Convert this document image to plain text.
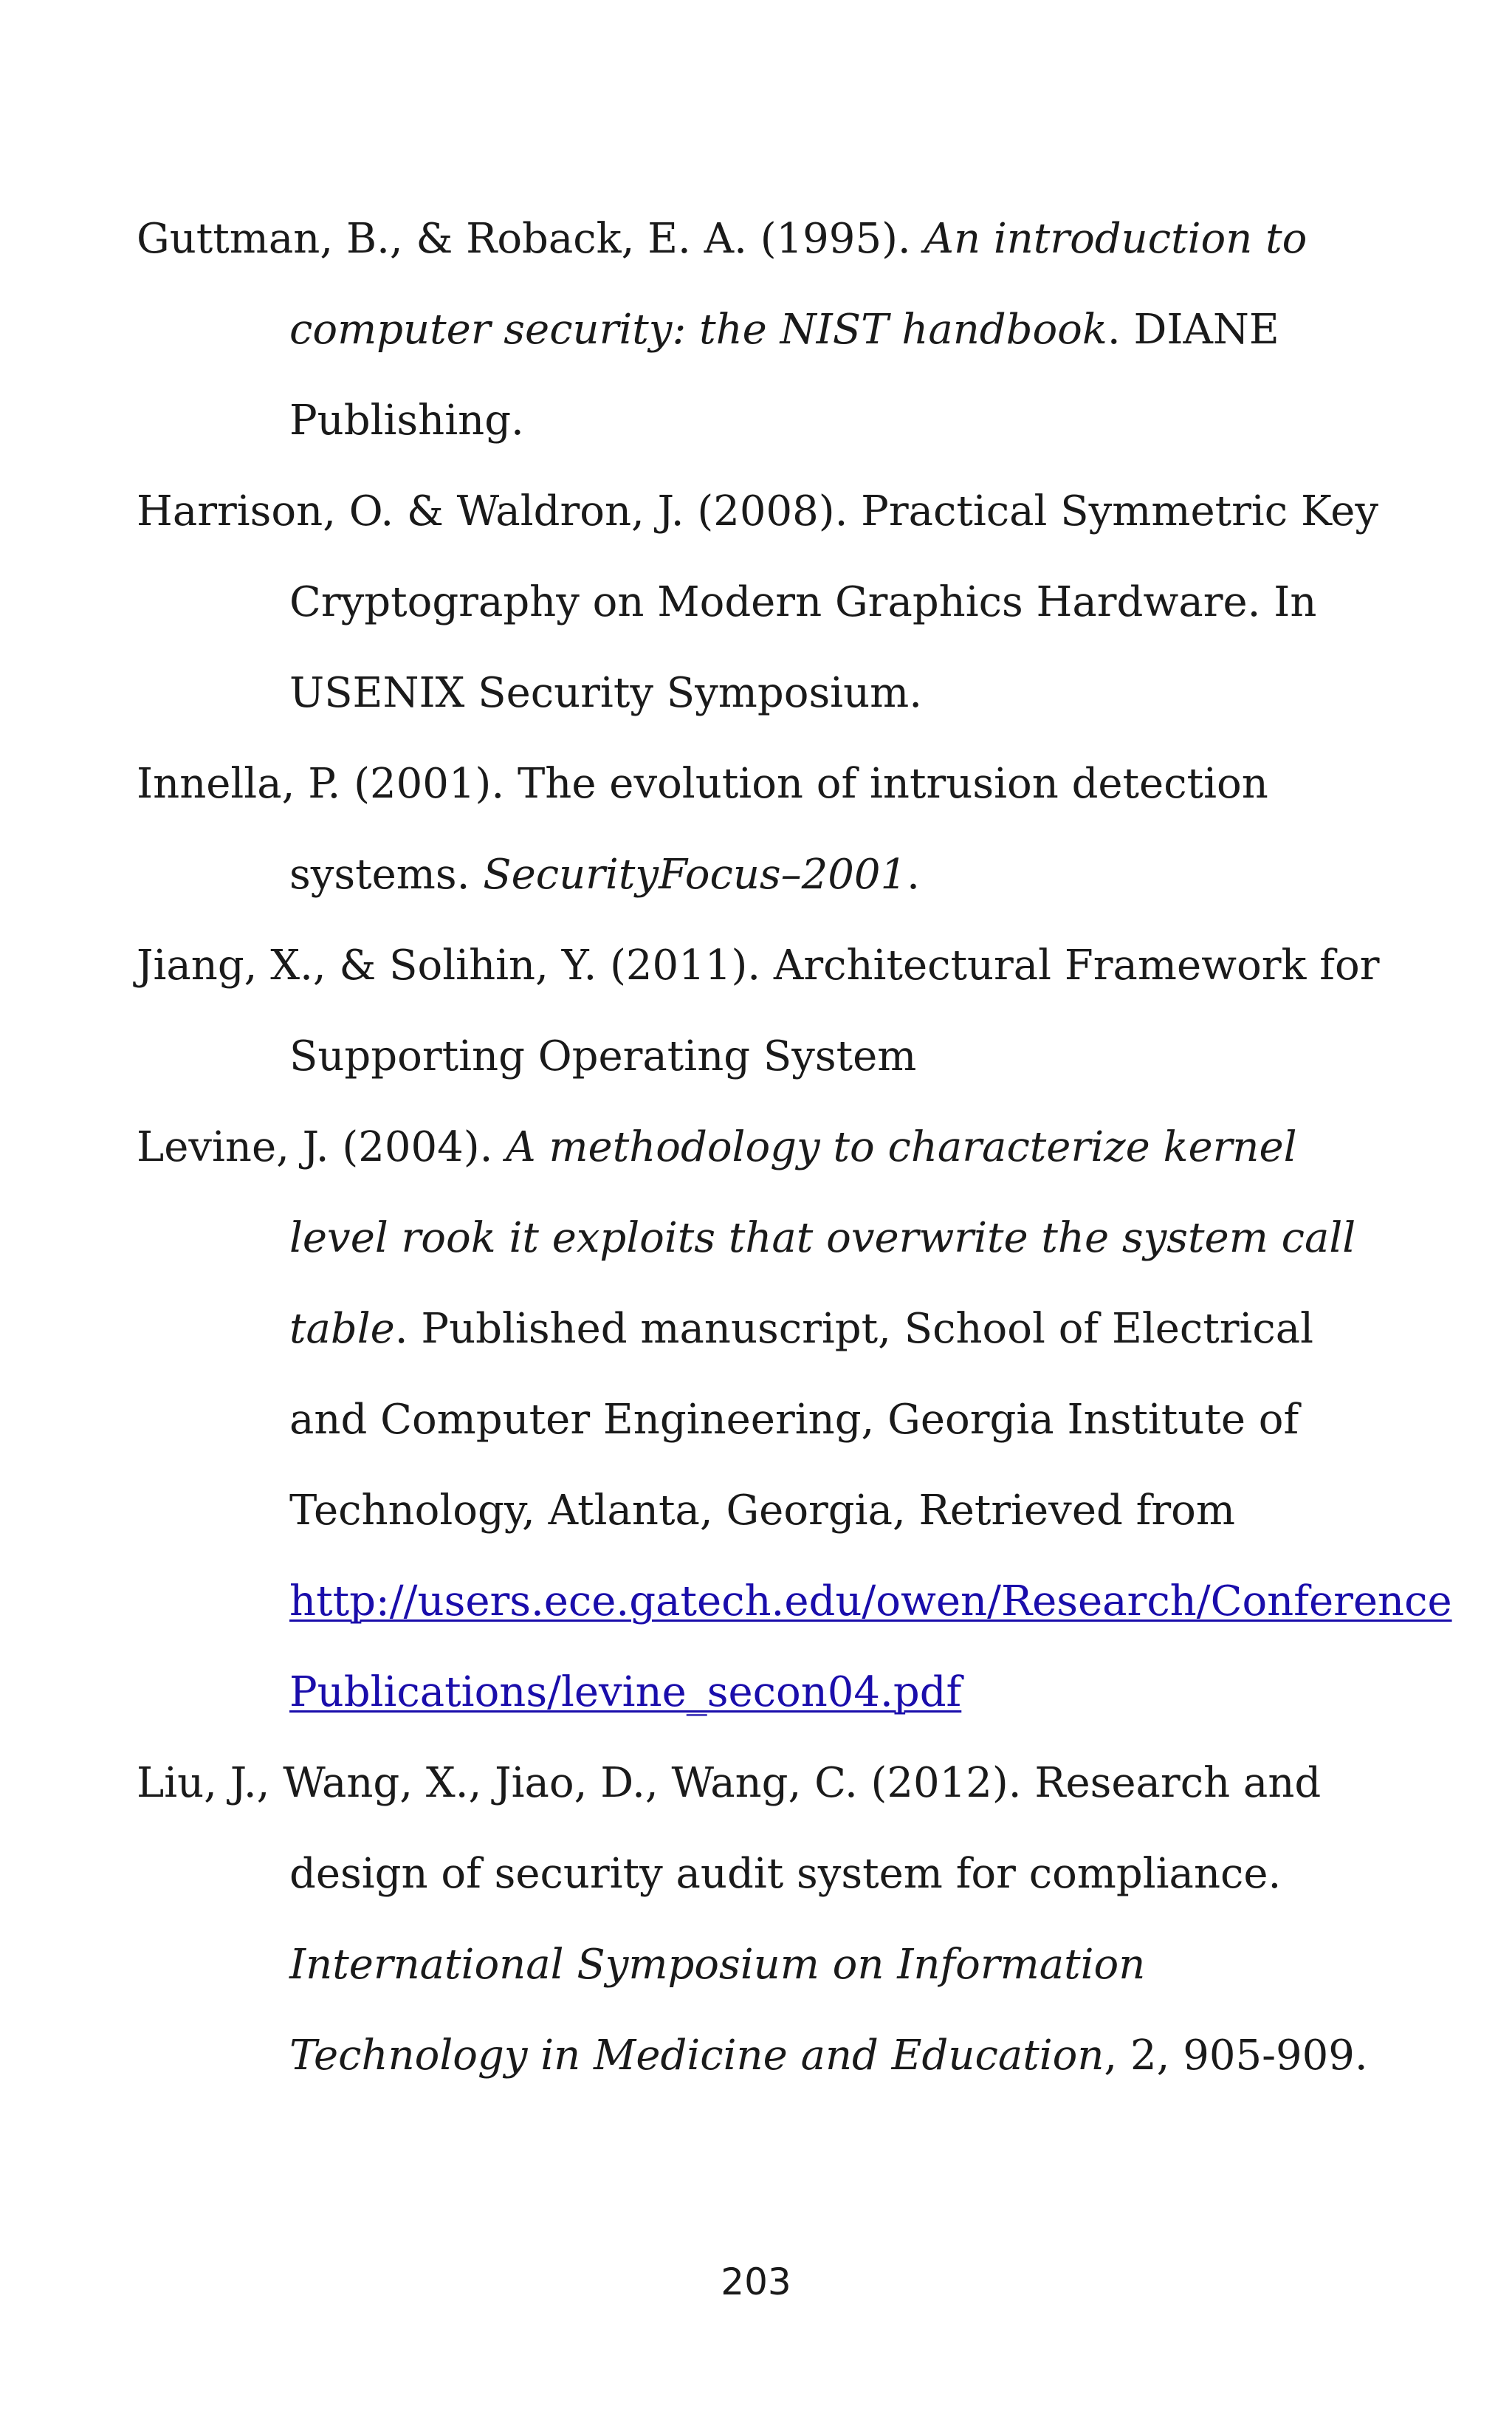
Guttman, B., & Roback, E. A. (1995). An introduction to computer security: the NIST handbook. DIANE Publishing.

Harrison, O. & Waldron, J. (2008). Practical Symmetric Key Cryptography on Modern Graphics Hardware. In USENIX Security Symposium.

Innella, P. (2001). The evolution of intrusion detection systems. SecurityFocus–2001.

Jiang, X., & Solihin, Y. (2011). Architectural Framework for Supporting Operating System

Levine, J. (2004). A methodology to characterize kernel level rook it exploits that overwrite the system call table. Published manuscript, School of Electrical and Computer Engineering, Georgia Institute of Technology, Atlanta, Georgia, Retrieved from http://users.ece.gatech.edu/owen/Research/Conference Publications/levine_secon04.pdf

Liu, J., Wang, X., Jiao, D., Wang, C. (2012). Research and design of security audit system for compliance. International Symposium on Information Technology in Medicine and Education, 2, 905-909.

203
